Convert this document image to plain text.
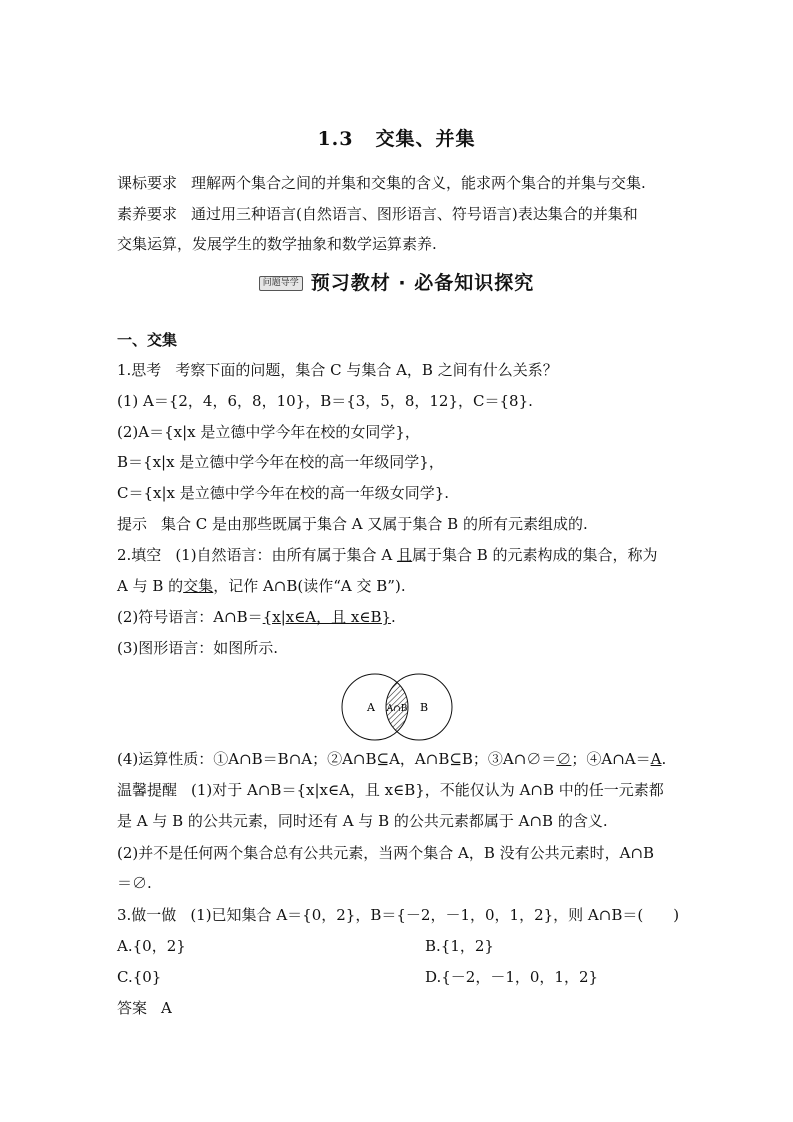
1.3 交集、并集
课标要求 理解两个集合之间的并集和交集的含义，能求两个集合的并集与交集.
素养要求 通过用三种语言(自然语言、图形语言、符号语言)表达集合的并集和
交集运算，发展学生的数学抽象和数学运算素养.
问题导学 预习教材 · 必备知识探究
一、交集
1.思考 考察下面的问题，集合 C 与集合 A，B 之间有什么关系？
(1) A＝{2，4，6，8，10}，B＝{3，5，8，12}，C＝{8}.
(2)A＝{x|x 是立德中学今年在校的女同学}，
B＝{x|x 是立德中学今年在校的高一年级同学}，
C＝{x|x 是立德中学今年在校的高一年级女同学}.
提示 集合 C 是由那些既属于集合 A 又属于集合 B 的所有元素组成的.
2.填空 (1)自然语言：由所有属于集合 A 且属于集合 B 的元素构成的集合，称为
A 与 B 的交集，记作 A∩B(读作“A 交 B”).
(2)符号语言：A∩B＝{x|x∈A，且 x∈B}.
(3)图形语言：如图所示.
A A∩B B
(4)运算性质：①A∩B＝B∩A；②A∩B⊆A，A∩B⊆B；③A∩∅＝∅；④A∩A＝A.
温馨提醒 (1)对于 A∩B＝{x|x∈A，且 x∈B}，不能仅认为 A∩B 中的任一元素都
是 A 与 B 的公共元素，同时还有 A 与 B 的公共元素都属于 A∩B 的含义.
(2)并不是任何两个集合总有公共元素，当两个集合 A，B 没有公共元素时，A∩B
＝∅.
3.做一做 (1)已知集合 A＝{0，2}，B＝{－2，－1，0，1，2}，则 A∩B＝(　　)
A.{0，2}	B.{1，2}
C.{0}	D.{－2，－1，0，1，2}
答案 A
